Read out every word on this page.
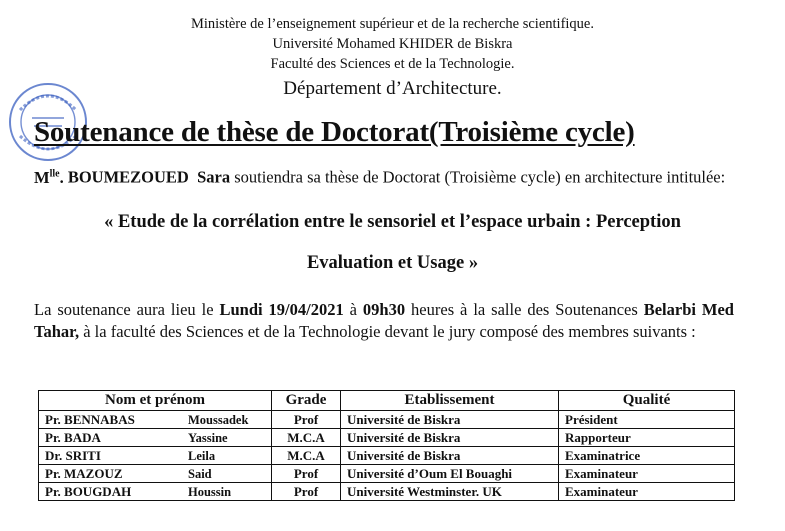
Ministère de l’enseignement supérieur et de la recherche scientifique.
Université Mohamed KHIDER de Biskra
Faculté des Sciences et de la Technologie.
Département d’Architecture.
Soutenance de thèse de Doctorat(Troisième cycle)
$M^{lle}$. BOUMEZOUED Sara soutiendra sa thèse de Doctorat (Troisième cycle) en architecture intitulée:
« Etude de la corrélation entre le sensoriel et l’espace urbain : Perception
Evaluation et Usage »
La soutenance aura lieu le Lundi 19/04/2021 à 09h30 heures à la salle des Soutenances Belarbi Med Tahar, à la faculté des Sciences et de la Technologie devant le jury composé des membres suivants :
Nom et prénom	Grade	Etablissement	Qualité
Pr. BENNABAS Moussadek	Prof	Université de Biskra	Président
Pr. BADA Yassine	M.C.A	Université de Biskra	Rapporteur
Dr. SRITI Leila	M.C.A	Université de Biskra	Examinatrice
Pr. MAZOUZ Said	Prof	Université d’Oum El Bouaghi	Examinateur
Pr. BOUGDAH Houssin	Prof	Université Westminster. UK	Examinateur
